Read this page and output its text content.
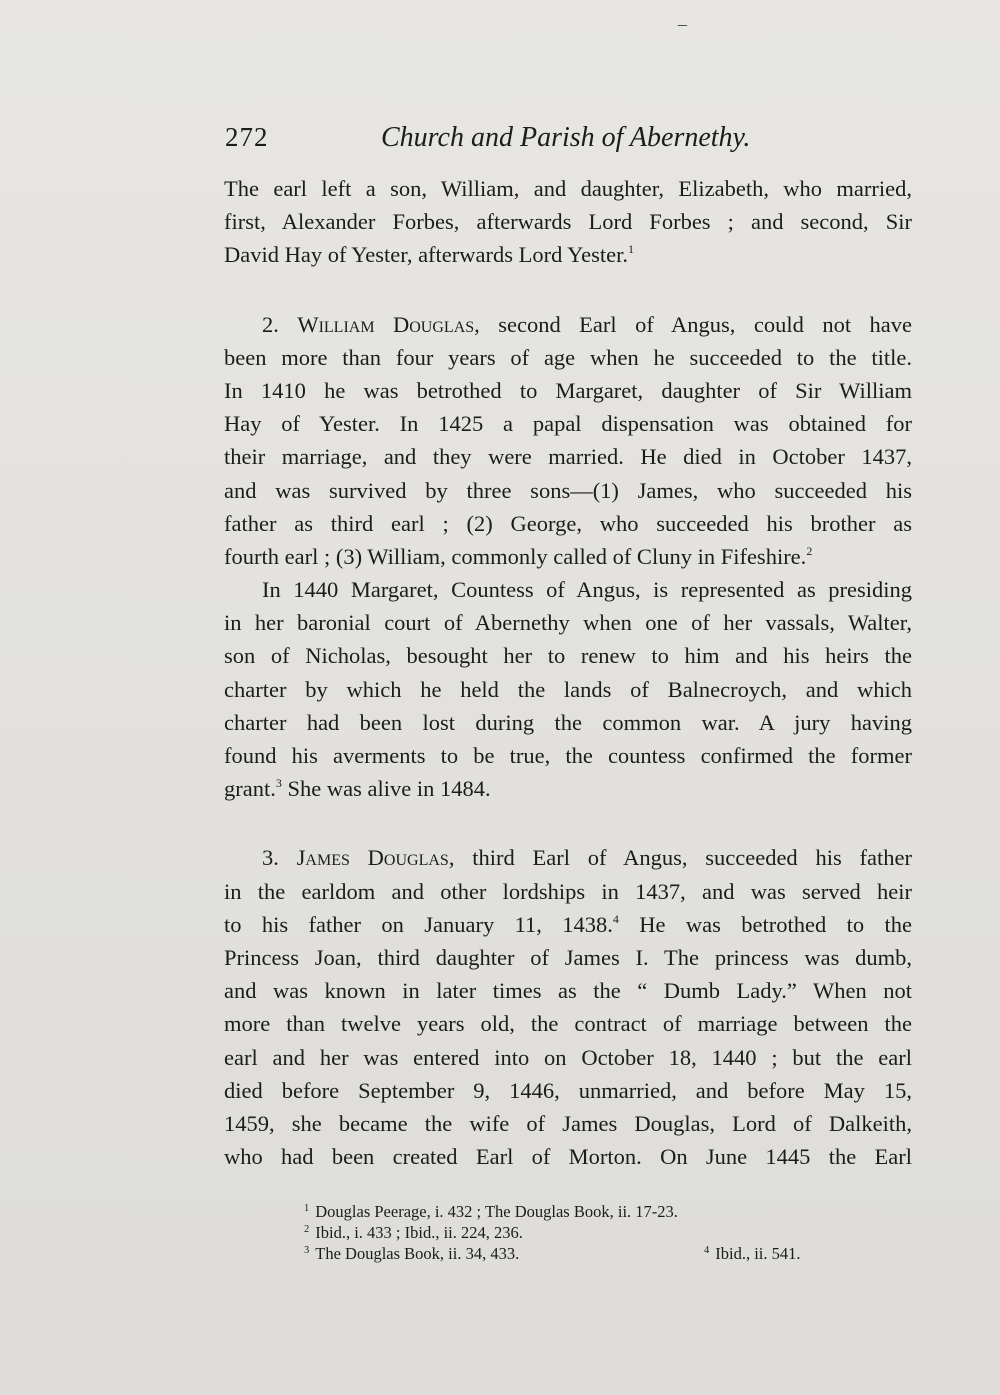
–
272	Church and Parish of Abernethy.
The earl left a son, William, and daughter, Elizabeth, who married,
first, Alexander Forbes, afterwards Lord Forbes ; and second, Sir
David Hay of Yester, afterwards Lord Yester.$^1$
2. William Douglas, second Earl of Angus, could not have
been more than four years of age when he succeeded to the title.
In 1410 he was betrothed to Margaret, daughter of Sir William
Hay of Yester. In 1425 a papal dispensation was obtained for
their marriage, and they were married. He died in October 1437,
and was survived by three sons—(1) James, who succeeded his
father as third earl ; (2) George, who succeeded his brother as
fourth earl ; (3) William, commonly called of Cluny in Fifeshire.$^2$
In 1440 Margaret, Countess of Angus, is represented as presiding
in her baronial court of Abernethy when one of her vassals, Walter,
son of Nicholas, besought her to renew to him and his heirs the
charter by which he held the lands of Balnecroych, and which
charter had been lost during the common war. A jury having
found his averments to be true, the countess confirmed the former
grant.$^3$ She was alive in 1484.
3. James Douglas, third Earl of Angus, succeeded his father
in the earldom and other lordships in 1437, and was served heir
to his father on January 11, 1438.$^4$ He was betrothed to the
Princess Joan, third daughter of James I. The princess was dumb,
and was known in later times as the “ Dumb Lady.” When not
more than twelve years old, the contract of marriage between the
earl and her was entered into on October 18, 1440 ; but the earl
died before September 9, 1446, unmarried, and before May 15,
1459, she became the wife of James Douglas, Lord of Dalkeith,
who had been created Earl of Morton. On June 1445 the Earl
$^1$ Douglas Peerage, i. 432 ; The Douglas Book, ii. 17-23.
$^2$ Ibid., i. 433 ; Ibid., ii. 224, 236.
$^3$ The Douglas Book, ii. 34, 433.	$^4$ Ibid., ii. 541.
